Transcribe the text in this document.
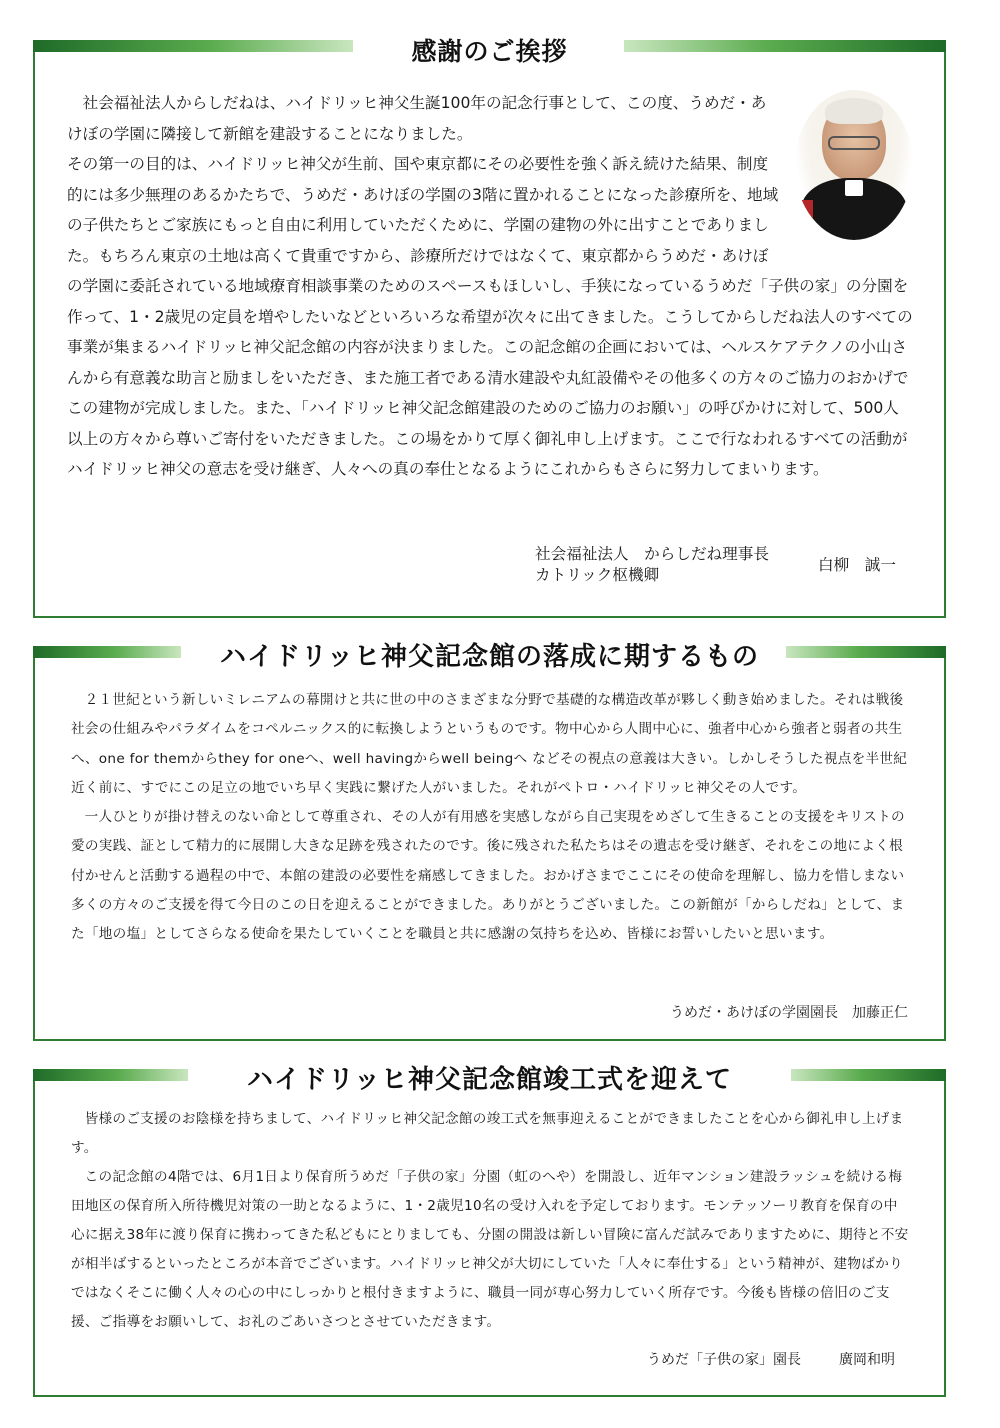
感謝のご挨拶

社会福祉法人からしだねは、ハイドリッヒ神父生誕100年の記念行事として、この度、うめだ・あけぼの学園に隣接して新館を建設することになりました。

その第一の目的は、ハイドリッヒ神父が生前、国や東京都にその必要性を強く訴え続けた結果、制度的には多少無理のあるかたちで、うめだ・あけぼの学園の3階に置かれることになった診療所を、地域の子供たちとご家族にもっと自由に利用していただくために、学園の建物の外に出すことでありました。もちろん東京の土地は高くて貴重ですから、診療所だけではなくて、東京都からうめだ・あけぼの学園に委託されている地域療育相談事業のためのスペースもほしいし、手狭になっているうめだ「子供の家」の分園を作って、1・2歳児の定員を増やしたいなどといろいろな希望が次々に出てきました。こうしてからしだね法人のすべての事業が集まるハイドリッヒ神父記念館の内容が決まりました。この記念館の企画においては、ヘルスケアテクノの小山さんから有意義な助言と励ましをいただき、また施工者である清水建設や丸紅設備やその他多くの方々のご協力のおかげでこの建物が完成しました。また、「ハイドリッヒ神父記念館建設のためのご協力のお願い」の呼びかけに対して、500人以上の方々から尊いご寄付をいただきました。この場をかりて厚く御礼申し上げます。ここで行なわれるすべての活動がハイドリッヒ神父の意志を受け継ぎ、人々への真の奉仕となるようにこれからもさらに努力してまいります。

社会福祉法人　からしだね理事長
カトリック枢機卿
白柳　誠一
ハイドリッヒ神父記念館の落成に期するもの

２１世紀という新しいミレニアムの幕開けと共に世の中のさまざまな分野で基礎的な構造改革が夥しく動き始めました。それは戦後社会の仕組みやパラダイムをコペルニックス的に転換しようというものです。物中心から人間中心に、強者中心から強者と弱者の共生へ、one for themからthey for oneへ、well havingからwell beingへ などその視点の意義は大きい。しかしそうした視点を半世紀近く前に、すでにこの足立の地でいち早く実践に繋げた人がいました。それがペトロ・ハイドリッヒ神父その人です。

一人ひとりが掛け替えのない命として尊重され、その人が有用感を実感しながら自己実現をめざして生きることの支援をキリストの愛の実践、証として精力的に展開し大きな足跡を残されたのです。後に残された私たちはその遺志を受け継ぎ、それをこの地によく根付かせんと活動する過程の中で、本館の建設の必要性を痛感してきました。おかげさまでここにその使命を理解し、協力を惜しまない多くの方々のご支援を得て今日のこの日を迎えることができました。ありがとうございました。この新館が「からしだね」として、また「地の塩」としてさらなる使命を果たしていくことを職員と共に感謝の気持ちを込め、皆様にお誓いしたいと思います。

うめだ・あけぼの学園園長　加藤正仁
ハイドリッヒ神父記念館竣工式を迎えて

皆様のご支援のお陰様を持ちまして、ハイドリッヒ神父記念館の竣工式を無事迎えることができましたことを心から御礼申し上げます。

この記念館の4階では、6月1日より保育所うめだ「子供の家」分園（虹のへや）を開設し、近年マンション建設ラッシュを続ける梅田地区の保育所入所待機児対策の一助となるように、1・2歳児10名の受け入れを予定しております。モンテッソーリ教育を保育の中心に据え38年に渡り保育に携わってきた私どもにとりましても、分園の開設は新しい冒険に富んだ試みでありますために、期待と不安が相半ばするといったところが本音でございます。ハイドリッヒ神父が大切にしていた「人々に奉仕する」という精神が、建物ばかりではなくそこに働く人々の心の中にしっかりと根付きますように、職員一同が専心努力していく所存です。今後も皆様の倍旧のご支援、ご指導をお願いして、お礼のごあいさつとさせていただきます。

うめだ「子供の家」園長	廣岡和明
